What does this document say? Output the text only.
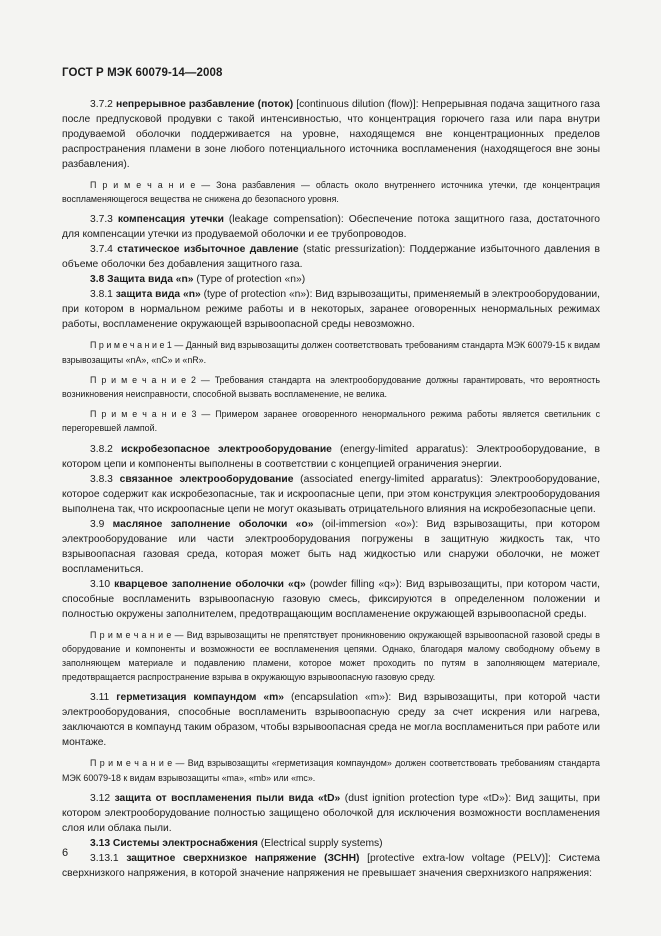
ГОСТ Р МЭК 60079-14—2008

3.7.2 непрерывное разбавление (поток) [continuous dilution (flow)]: Непрерывная подача защитного газа после предпусковой продувки с такой интенсивностью, что концентрация горючего газа или пара внутри продуваемой оболочки поддерживается на уровне, находящемся вне концентрационных пределов распространения пламени в зоне любого потенциального источника воспламенения (находящегося вне зоны разбавления).

П р и м е ч а н и е — Зона разбавления — область около внутреннего источника утечки, где концентрация воспламеняющегося вещества не снижена до безопасного уровня.

3.7.3 компенсация утечки (leakage compensation): Обеспечение потока защитного газа, достаточного для компенсации утечки из продуваемой оболочки и ее трубопроводов.

3.7.4 статическое избыточное давление (static pressurization): Поддержание избыточного давления в объеме оболочки без добавления защитного газа.

3.8 Защита вида «n» (Type of protection «n»)

3.8.1 защита вида «n» (type of protection «n»): Вид взрывозащиты, применяемый в электрооборудовании, при котором в нормальном режиме работы и в некоторых, заранее оговоренных ненормальных режимах работы, воспламенение окружающей взрывоопасной среды невозможно.

П р и м е ч а н и е 1 — Данный вид взрывозащиты должен соответствовать требованиям стандарта МЭК 60079-15 к видам взрывозащиты «nA», «nC» и «nR».

П р и м е ч а н и е 2 — Требования стандарта на электрооборудование должны гарантировать, что вероятность возникновения неисправности, способной вызвать воспламенение, не велика.

П р и м е ч а н и е 3 — Примером заранее оговоренного ненормального режима работы является светильник с перегоревшей лампой.

3.8.2 искробезопасное электрооборудование (energy-limited apparatus): Электрооборудование, в котором цепи и компоненты выполнены в соответствии с концепцией ограничения энергии.

3.8.3 связанное электрооборудование (associated energy-limited apparatus): Электрооборудование, которое содержит как искробезопасные, так и искроопасные цепи, при этом конструкция электрооборудования выполнена так, что искроопасные цепи не могут оказывать отрицательного влияния на искробезопасные цепи.

3.9 масляное заполнение оболочки «о» (oil-immersion «о»): Вид взрывозащиты, при котором электрооборудование или части электрооборудования погружены в защитную жидкость так, что взрывоопасная газовая среда, которая может быть над жидкостью или снаружи оболочки, не может воспламениться.

3.10 кварцевое заполнение оболочки «q» (powder filling «q»): Вид взрывозащиты, при котором части, способные воспламенить взрывоопасную газовую смесь, фиксируются в определенном положении и полностью окружены заполнителем, предотвращающим воспламенение окружающей взрывоопасной среды.

П р и м е ч а н и е — Вид взрывозащиты не препятствует проникновению окружающей взрывоопасной газовой среды в оборудование и компоненты и возможности ее воспламенения цепями. Однако, благодаря малому свободному объему в заполняющем материале и подавлению пламени, которое может проходить по путям в заполняющем материале, предотвращается распространение взрыва в окружающую взрывоопасную газовую среду.

3.11 герметизация компаундом «m» (encapsulation «m»): Вид взрывозащиты, при которой части электрооборудования, способные воспламенить взрывоопасную среду за счет искрения или нагрева, заключаются в компаунд таким образом, чтобы взрывоопасная среда не могла воспламениться при работе или монтаже.

П р и м е ч а н и е — Вид взрывозащиты «герметизация компаундом» должен соответствовать требованиям стандарта МЭК 60079-18 к видам взрывозащиты «ma», «mb» или «mc».

3.12 защита от воспламенения пыли вида «tD» (dust ignition protection type «tD»): Вид защиты, при котором электрооборудование полностью защищено оболочкой для исключения возможности воспламенения слоя или облака пыли.

3.13 Системы электроснабжения (Electrical supply systems)

3.13.1 защитное сверхнизкое напряжение (ЗСНН) [protective extra-low voltage (PELV)]: Система сверхнизкого напряжения, в которой значение напряжения не превышает значения сверхнизкого напряжения:

6
